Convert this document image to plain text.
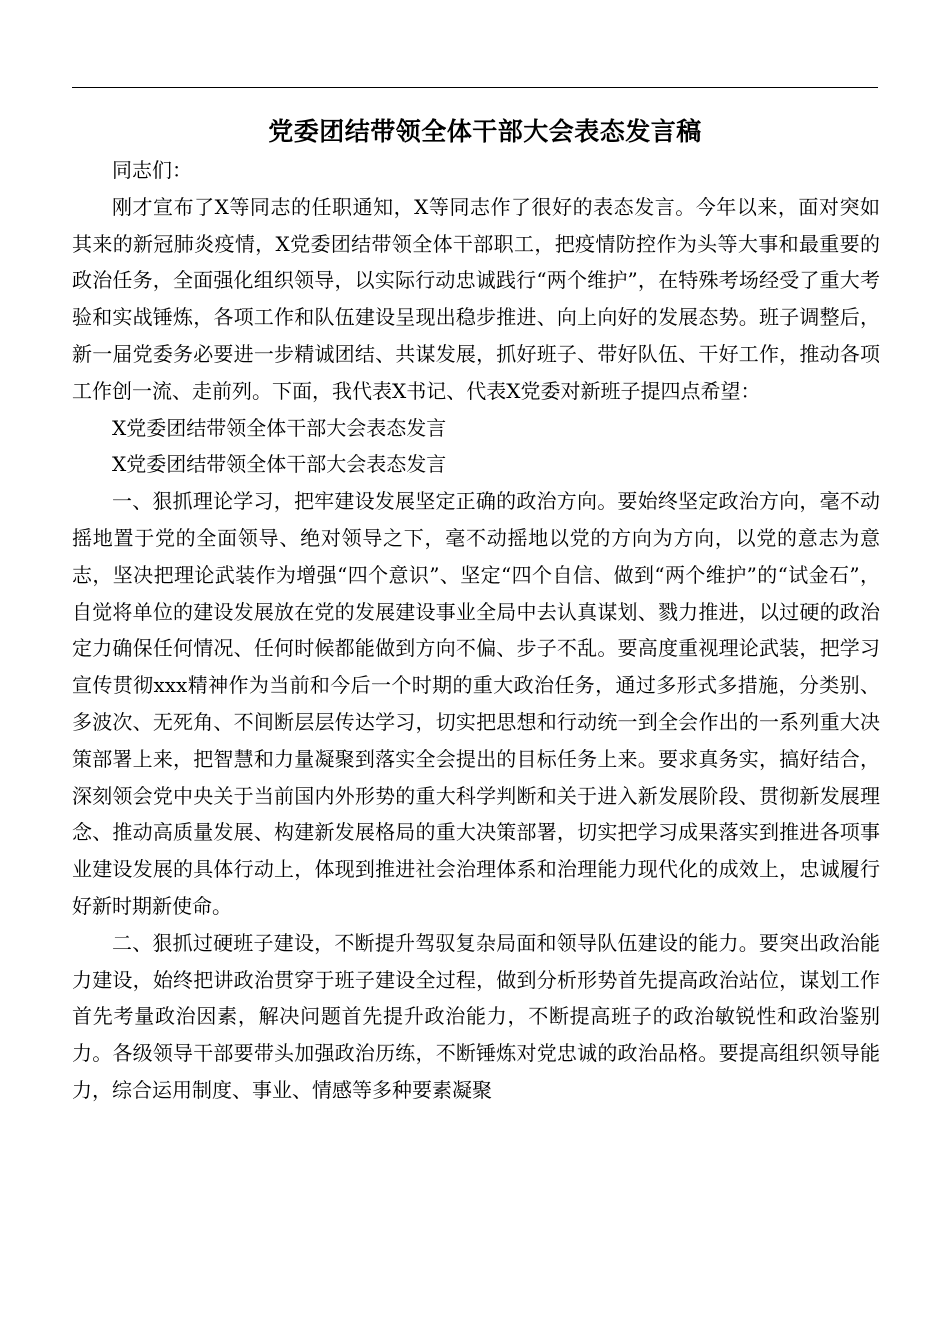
党委团结带领全体干部大会表态发言稿

同志们：

刚才宣布了X等同志的任职通知，X等同志作了很好的表态发言。今年以来，面对突如其来的新冠肺炎疫情，X党委团结带领全体干部职工，把疫情防控作为头等大事和最重要的政治任务，全面强化组织领导，以实际行动忠诚践行“两个维护”，在特殊考场经受了重大考验和实战锤炼，各项工作和队伍建设呈现出稳步推进、向上向好的发展态势。班子调整后，新一届党委务必要进一步精诚团结、共谋发展，抓好班子、带好队伍、干好工作，推动各项工作创一流、走前列。下面，我代表X书记、代表X党委对新班子提四点希望：

X党委团结带领全体干部大会表态发言

X党委团结带领全体干部大会表态发言

一、狠抓理论学习，把牢建设发展坚定正确的政治方向。要始终坚定政治方向，毫不动摇地置于党的全面领导、绝对领导之下，毫不动摇地以党的方向为方向，以党的意志为意志，坚决把理论武装作为增强“四个意识”、坚定“四个自信、做到“两个维护”的“试金石”，自觉将单位的建设发展放在党的发展建设事业全局中去认真谋划、戮力推进，以过硬的政治定力确保任何情况、任何时候都能做到方向不偏、步子不乱。要高度重视理论武装，把学习宣传贯彻xxx精神作为当前和今后一个时期的重大政治任务，通过多形式多措施，分类别、多波次、无死角、不间断层层传达学习，切实把思想和行动统一到全会作出的一系列重大决策部署上来，把智慧和力量凝聚到落实全会提出的目标任务上来。要求真务实，搞好结合，深刻领会党中央关于当前国内外形势的重大科学判断和关于进入新发展阶段、贯彻新发展理念、推动高质量发展、构建新发展格局的重大决策部署，切实把学习成果落实到推进各项事业建设发展的具体行动上，体现到推进社会治理体系和治理能力现代化的成效上，忠诚履行好新时期新使命。

二、狠抓过硬班子建设，不断提升驾驭复杂局面和领导队伍建设的能力。要突出政治能力建设，始终把讲政治贯穿于班子建设全过程，做到分析形势首先提高政治站位，谋划工作首先考量政治因素，解决问题首先提升政治能力，不断提高班子的政治敏锐性和政治鉴别力。各级领导干部要带头加强政治历练，不断锤炼对党忠诚的政治品格。要提高组织领导能力，综合运用制度、事业、情感等多种要素凝聚
